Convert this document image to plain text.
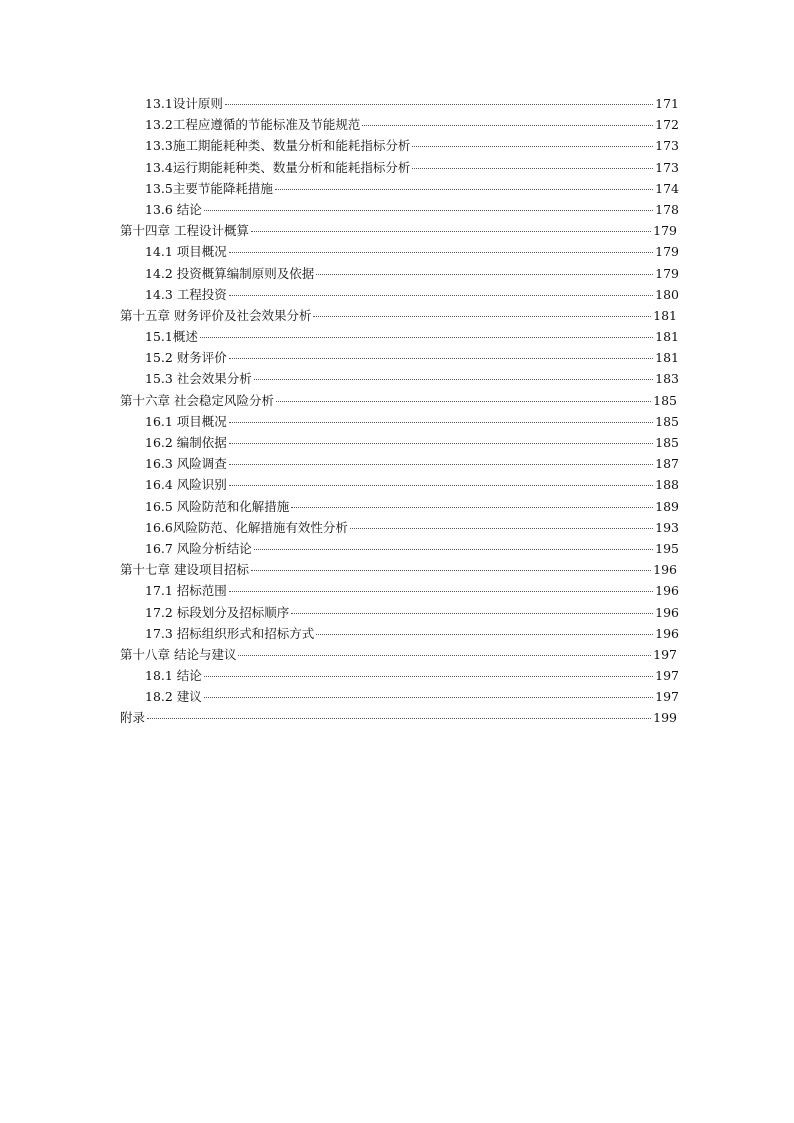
13.1设计原则	171
13.2工程应遵循的节能标准及节能规范	172
13.3施工期能耗种类、数量分析和能耗指标分析	173
13.4运行期能耗种类、数量分析和能耗指标分析	173
13.5主要节能降耗措施	174
13.6 结论	178
第十四章 工程设计概算	179
14.1 项目概况	179
14.2 投资概算编制原则及依据	179
14.3 工程投资	180
第十五章 财务评价及社会效果分析	181
15.1概述	181
15.2 财务评价	181
15.3 社会效果分析	183
第十六章 社会稳定风险分析	185
16.1 项目概况	185
16.2 编制依据	185
16.3 风险调查	187
16.4 风险识别	188
16.5 风险防范和化解措施	189
16.6风险防范、化解措施有效性分析	193
16.7 风险分析结论	195
第十七章 建设项目招标	196
17.1 招标范围	196
17.2 标段划分及招标顺序	196
17.3 招标组织形式和招标方式	196
第十八章 结论与建议	197
18.1 结论	197
18.2 建议	197
附录	199
